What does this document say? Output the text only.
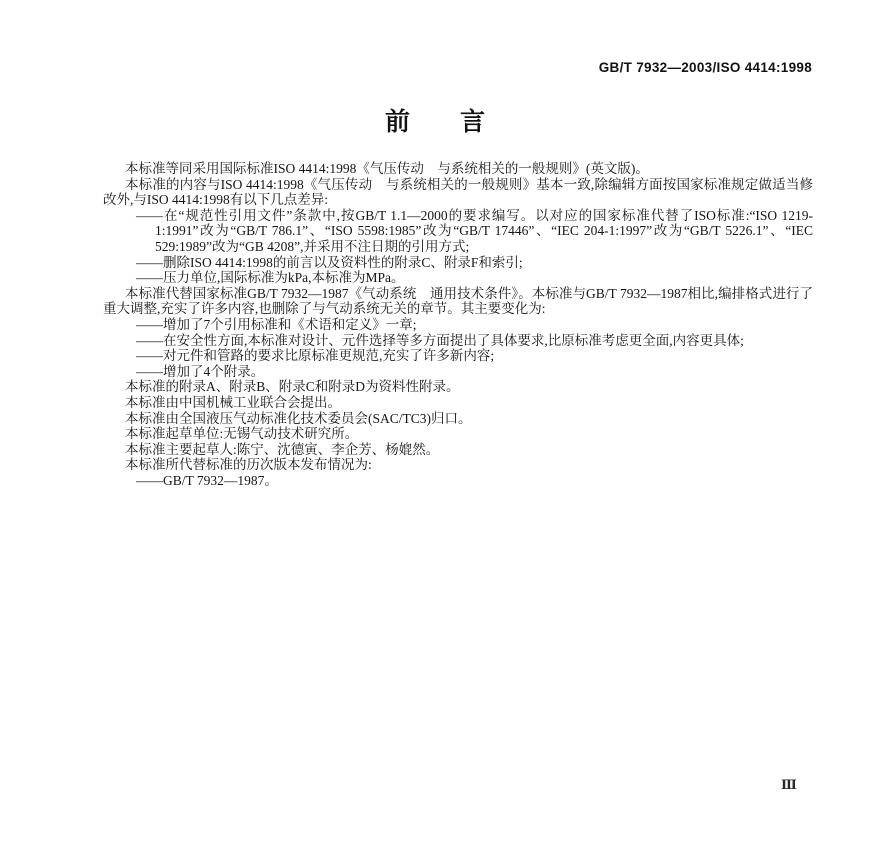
GB/T 7932—2003/ISO 4414:1998
前　　言
本标准等同采用国际标准ISO 4414:1998《气压传动　与系统相关的一般规则》(英文版)。
本标准的内容与ISO 4414:1998《气压传动　与系统相关的一般规则》基本一致,除编辑方面按国家标准规定做适当修改外,与ISO 4414:1998有以下几点差异:
——在“规范性引用文件”条款中,按GB/T 1.1—2000的要求编写。以对应的国家标准代替了ISO标准:“ISO 1219-1:1991”改为“GB/T 786.1”、“ISO 5598:1985”改为“GB/T 17446”、“IEC 204-1:1997”改为“GB/T 5226.1”、“IEC 529:1989”改为“GB 4208”,并采用不注日期的引用方式;
——删除ISO 4414:1998的前言以及资料性的附录C、附录F和索引;
——压力单位,国际标准为kPa,本标准为MPa。
本标准代替国家标准GB/T 7932—1987《气动系统　通用技术条件》。本标准与GB/T 7932—1987相比,编排格式进行了重大调整,充实了许多内容,也删除了与气动系统无关的章节。其主要变化为:
——增加了7个引用标准和《术语和定义》一章;
——在安全性方面,本标准对设计、元件选择等多方面提出了具体要求,比原标准考虑更全面,内容更具体;
——对元件和管路的要求比原标准更规范,充实了许多新内容;
——增加了4个附录。
本标准的附录A、附录B、附录C和附录D为资料性附录。
本标准由中国机械工业联合会提出。
本标准由全国液压气动标准化技术委员会(SAC/TC3)归口。
本标准起草单位:无锡气动技术研究所。
本标准主要起草人:陈宁、沈德寅、李企芳、杨媲然。
本标准所代替标准的历次版本发布情况为:
——GB/T 7932—1987。
Ⅲ
